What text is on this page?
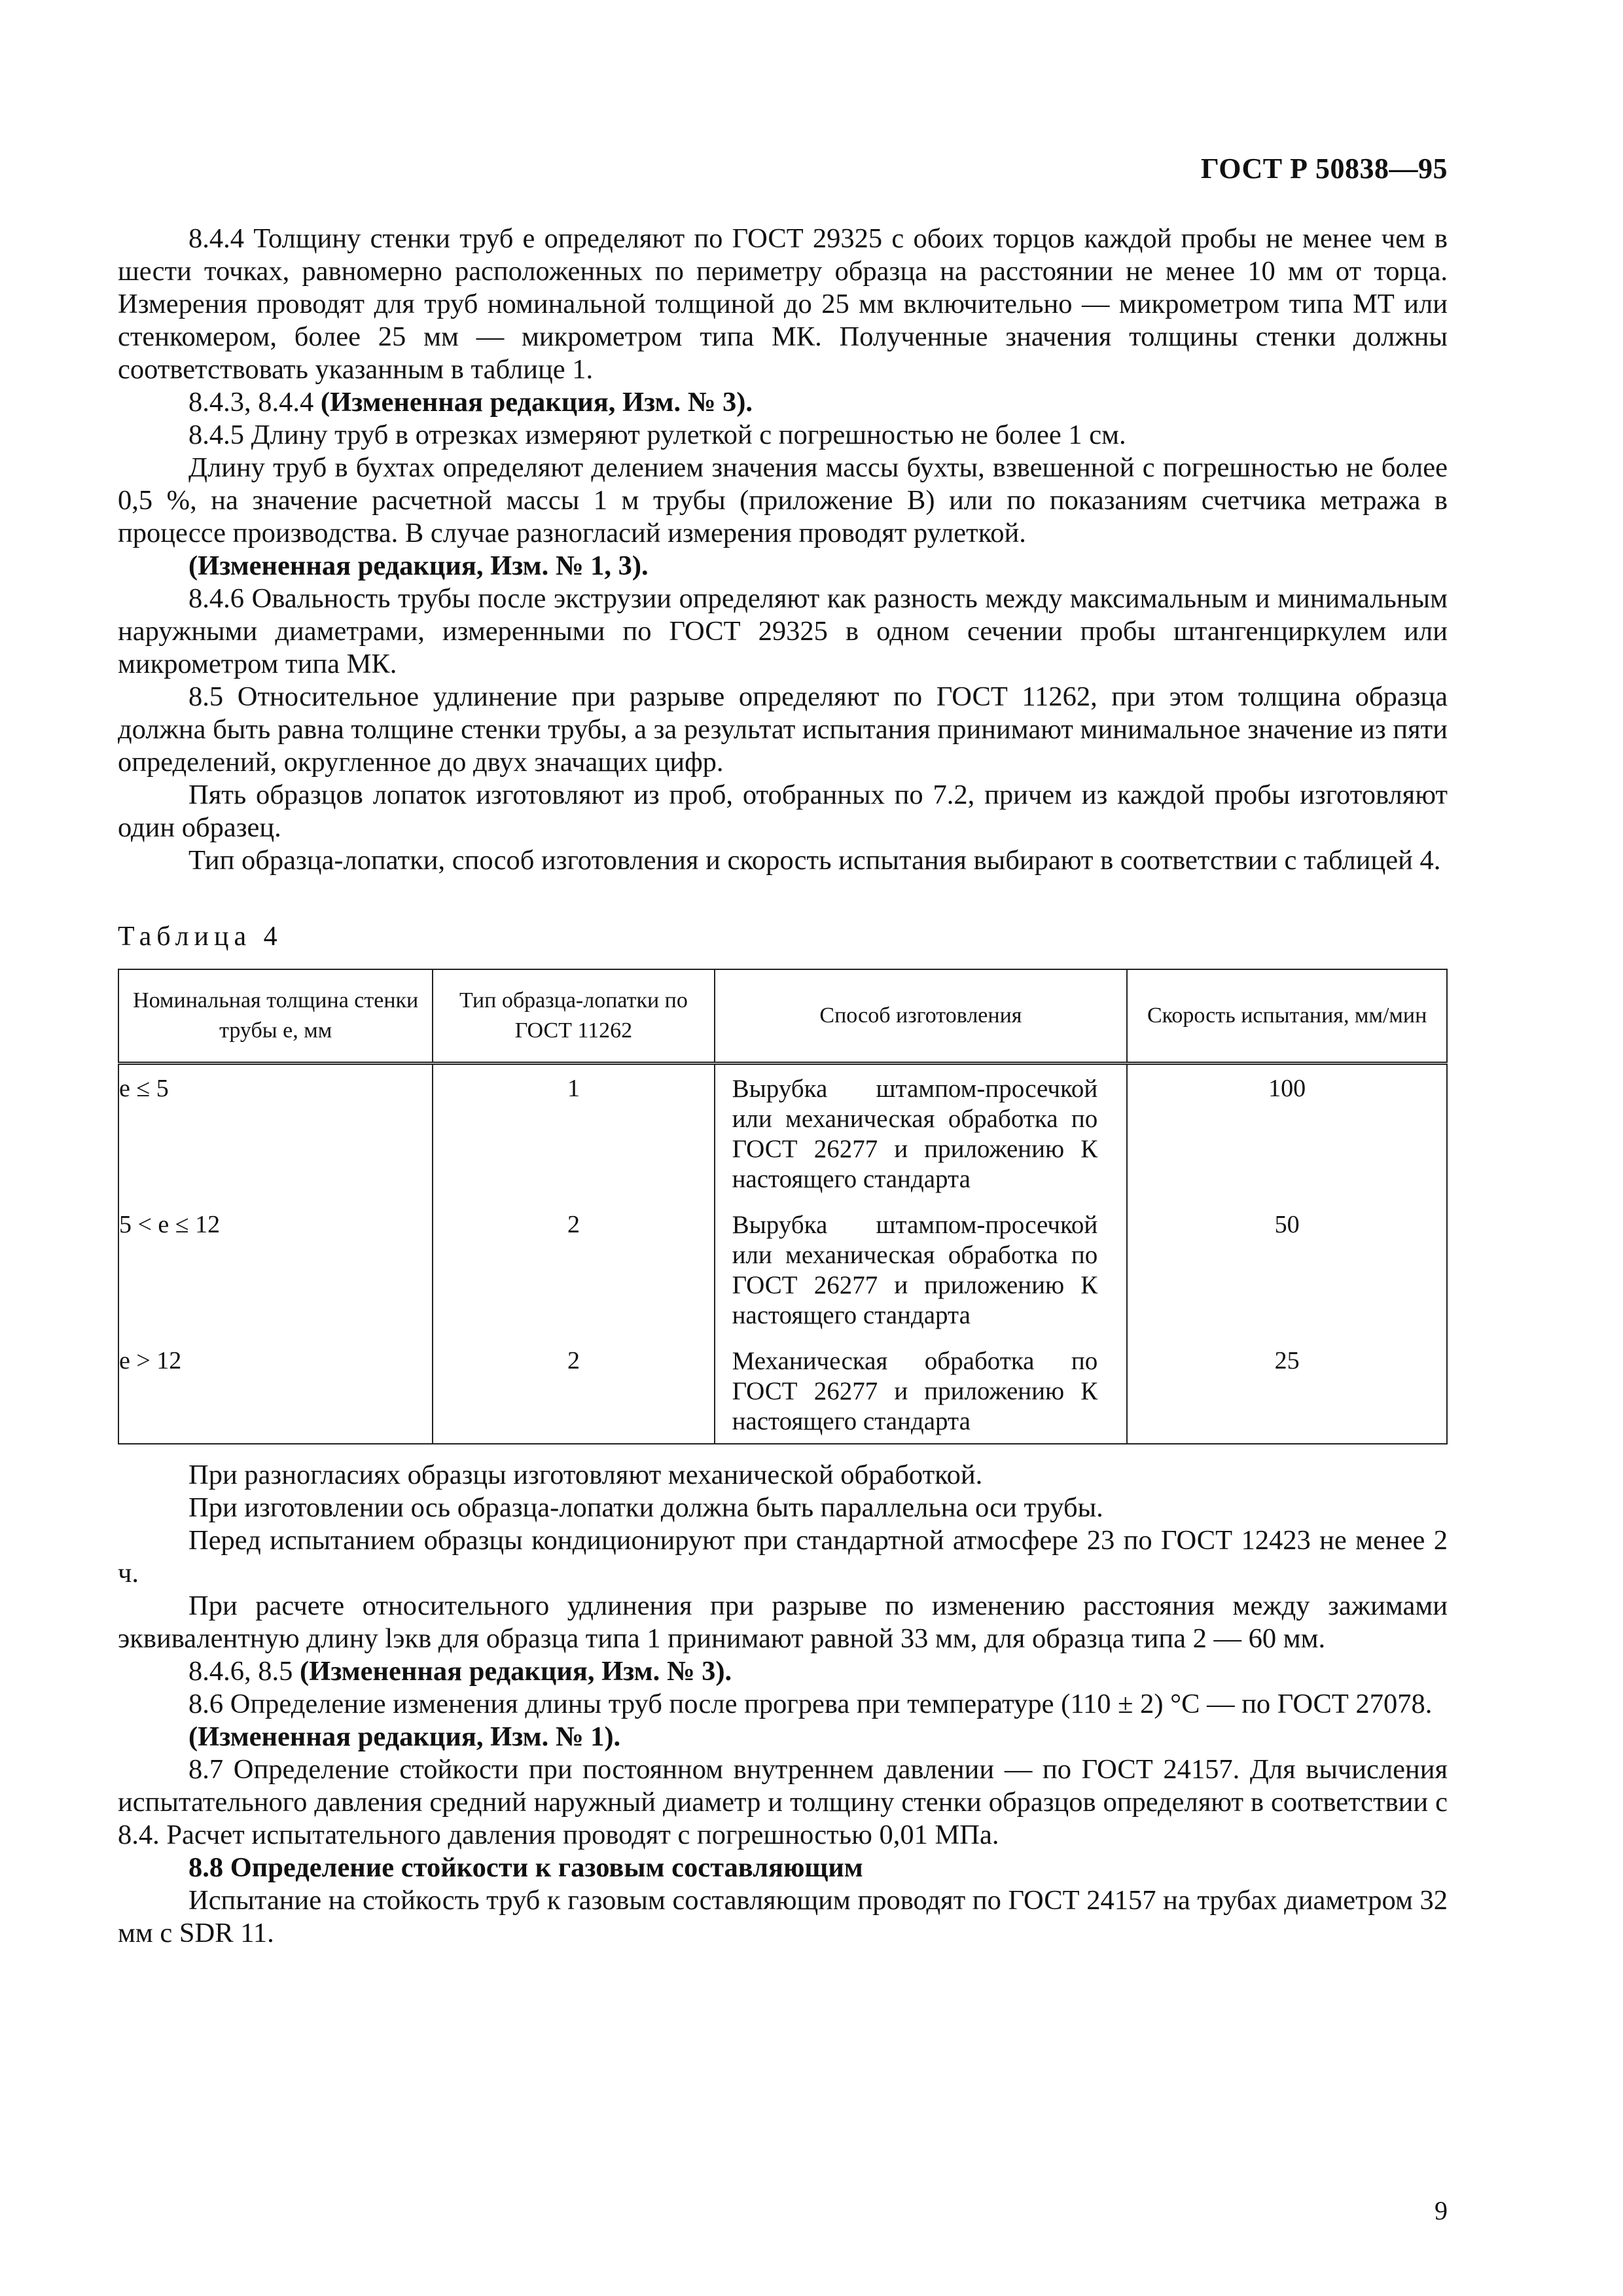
ГОСТ Р 50838—95

8.4.4 Толщину стенки труб e определяют по ГОСТ 29325 с обоих торцов каждой пробы не менее чем в шести точках, равномерно расположенных по периметру образца на расстоянии не менее 10 мм от торца. Измерения проводят для труб номинальной толщиной до 25 мм включительно — микрометром типа МТ или стенкомером, более 25 мм — микрометром типа МК. Полученные значения толщины стенки должны соответствовать указанным в таблице 1.

8.4.3, 8.4.4 (Измененная редакция, Изм. № 3).

8.4.5 Длину труб в отрезках измеряют рулеткой с погрешностью не более 1 см.

Длину труб в бухтах определяют делением значения массы бухты, взвешенной с погрешностью не более 0,5 %, на значение расчетной массы 1 м трубы (приложение В) или по показаниям счетчика метража в процессе производства. В случае разногласий измерения проводят рулеткой.

(Измененная редакция, Изм. № 1, 3).

8.4.6 Овальность трубы после экструзии определяют как разность между максимальным и минимальным наружными диаметрами, измеренными по ГОСТ 29325 в одном сечении пробы штангенциркулем или микрометром типа МК.

8.5 Относительное удлинение при разрыве определяют по ГОСТ 11262, при этом толщина образца должна быть равна толщине стенки трубы, а за результат испытания принимают минимальное значение из пяти определений, округленное до двух значащих цифр.

Пять образцов лопаток изготовляют из проб, отобранных по 7.2, причем из каждой пробы изготовляют один образец.

Тип образца-лопатки, способ изготовления и скорость испытания выбирают в соответствии с таблицей 4.

Таблица 4
Номинальная толщина стенки трубы e, мм	Тип образца-лопатки по ГОСТ 11262	Способ изготовления	Скорость испытания, мм/мин
e ≤ 5	1	Вырубка штампом-просечкой или механическая обработка по ГОСТ 26277 и приложению К настоящего стандарта	100
5 < e ≤ 12	2	Вырубка штампом-просечкой или механическая обработка по ГОСТ 26277 и приложению К настоящего стандарта	50
e > 12	2	Механическая обработка по ГОСТ 26277 и приложению К настоящего стандарта	25

При разногласиях образцы изготовляют механической обработкой.

При изготовлении ось образца-лопатки должна быть параллельна оси трубы.

Перед испытанием образцы кондиционируют при стандартной атмосфере 23 по ГОСТ 12423 не менее 2 ч.

При расчете относительного удлинения при разрыве по изменению расстояния между зажимами эквивалентную длину lэкв для образца типа 1 принимают равной 33 мм, для образца типа 2 — 60 мм.

8.4.6, 8.5 (Измененная редакция, Изм. № 3).

8.6 Определение изменения длины труб после прогрева при температуре (110 ± 2) °С — по ГОСТ 27078.

(Измененная редакция, Изм. № 1).

8.7 Определение стойкости при постоянном внутреннем давлении — по ГОСТ 24157. Для вычисления испытательного давления средний наружный диаметр и толщину стенки образцов определяют в соответствии с 8.4. Расчет испытательного давления проводят с погрешностью 0,01 МПа.

8.8 Определение стойкости к газовым составляющим

Испытание на стойкость труб к газовым составляющим проводят по ГОСТ 24157 на трубах диаметром 32 мм с SDR 11.

9
